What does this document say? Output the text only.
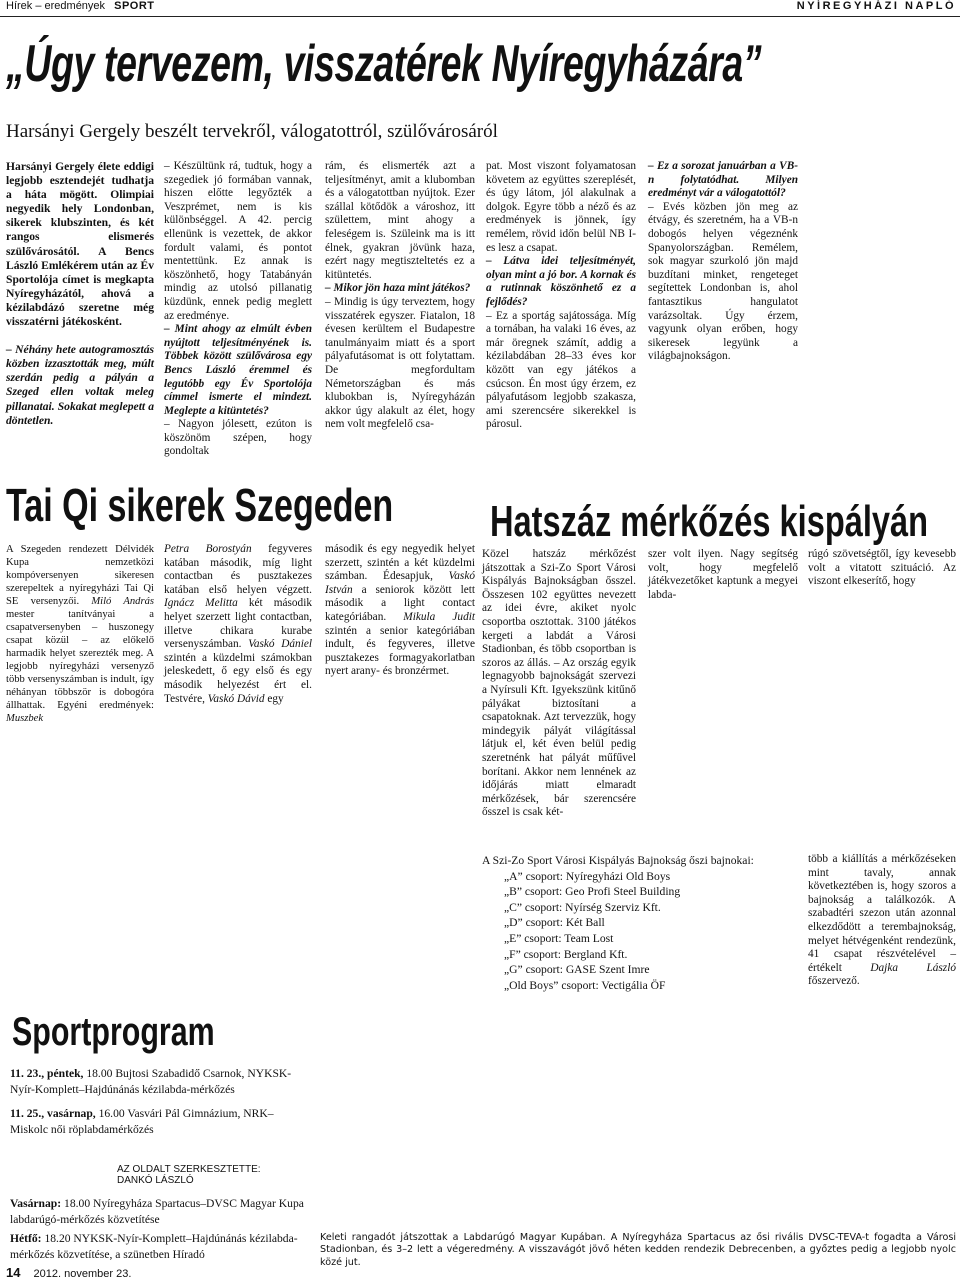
Hírek – eredmények SPORT	NYÍREGYHÁZI NAPLÓ
„Úgy tervezem, visszatérek Nyíregyházára”
Harsányi Gergely beszélt tervekről, válogatottról, szülővárosáról

Harsányi Gergely élete eddigi legjobb esztendejét tudhatja a háta mögött. Olimpiai negyedik hely Londonban, sikerek klubszinten, és két rangos elismerés szülővárosától. A Bencs László Emlékérem után az Év Sportolója címet is megkapta Nyíregyházától, ahová a kézilabdázó szeretne még visszatérni játékosként.

– Néhány hete autogramosztás közben izzasztották meg, múlt szerdán pedig a pályán a Szeged ellen voltak meleg pillanatai. Sokakat meglepett a döntetlen.

– Készültünk rá, tudtuk, hogy a szegediek jó formában vannak, hiszen előtte legyőzték a Veszprémet, nem is kis különbséggel. A 42. percig ellenünk is vezettek, de akkor fordult valami, és pontot mentettünk. Ez annak is köszönhető, hogy Tatabányán mindig az utolsó pillanatig küzdünk, ennek pedig meglett az eredménye.

– Mint ahogy az elmúlt évben nyújtott teljesítményének is. Többek között szülővárosa egy Bencs László éremmel és legutóbb egy Év Sportolója címmel ismerte el mindezt. Meglepte a kitüntetés?

– Nagyon jólesett, ezúton is köszönöm szépen, hogy gondoltak

rám, és elismerték azt a teljesítményt, amit a klubomban és a válogatottban nyújtok. Ezer szállal kötődök a városhoz, itt születtem, mint ahogy a feleségem is. Szüleink ma is itt élnek, gyakran jövünk haza, ezért nagy megtiszteltetés ez a kitüntetés.

– Mikor jön haza mint játékos?

– Mindig is úgy terveztem, hogy visszatérek egyszer. Fiatalon, 18 évesen kerültem el Budapestre tanulmányaim miatt és a sport pályafutásomat is ott folytattam. De megfordultam Németországban és más klubokban is, Nyíregyházán akkor úgy alakult az élet, hogy nem volt megfelelő csa-

pat. Most viszont folyamatosan követem az együttes szereplését, és úgy látom, jól alakulnak a dolgok. Egyre több a néző és az eredmények is jönnek, így remélem, rövid időn belül NB I-es lesz a csapat.

– Látva idei teljesítményét, olyan mint a jó bor. A kornak és a rutinnak köszönhető ez a fejlődés?

– Ez a sportág sajátossága. Míg a tornában, ha valaki 16 éves, az már öregnek számít, addig a kézilabdában 28–33 éves kor között van egy játékos a csúcson. Én most úgy érzem, ez pályafutásom legjobb szakasza, ami szerencsére sikerekkel is párosul.

– Ez a sorozat januárban a VB-n folytatódhat. Milyen eredményt vár a válogatottól?

– Evés közben jön meg az étvágy, és szeretném, ha a VB-n dobogós helyen végeznénk Spanyolországban. Remélem, sok magyar szurkoló jön majd buzdítani minket, rengeteget segítettek Londonban is, ahol fantasztikus hangulatot varázsoltak. Úgy érzem, vagyunk olyan erőben, hogy sikeresek legyünk a világbajnokságon.

Tai Qi sikerek Szegeden

A Szegeden rendezett Délvidék Kupa nemzetközi kompóversenyen sikeresen szerepeltek a nyíregyházi Tai Qi SE versenyzői. Miló András mester tanítványai a csapatversenyben – huszonegy csapat közül – az előkelő harmadik helyet szerezték meg. A legjobb nyíregyházi versenyző több versenyszámban is indult, így néhányan többször is dobogóra állhattak. Egyéni eredmények: Muszbek

Petra Borostyán fegyveres katában második, míg light contactban és pusztakezes katában első helyen végzett. Ignácz Melitta két második helyet szerzett light contactban, illetve chikara kurabe versenyszámban. Vaskó Dániel szintén a küzdelmi számokban jeleskedett, ő egy első és egy második helyezést ért el. Testvére, Vaskó Dávid egy

második és egy negyedik helyet szerzett, szintén a két küzdelmi számban. Édesapjuk, Vaskó István a seniorok között lett második a light contact kategóriában. Mikula Judit szintén a senior kategóriában indult, és fegyveres, illetve pusztakezes formagyakorlatban nyert arany- és bronzérmet.

Hatszáz mérkőzés kispályán

Közel hatszáz mérkőzést játszottak a Szi-Zo Sport Városi Kispályás Bajnokságban ősszel. Összesen 102 együttes nevezett az idei évre, akiket nyolc csoportba osztottak. 3100 játékos kergeti a labdát a Városi Stadionban, és több csoportban is szoros az állás. – Az ország egyik legnagyobb bajnokságát szervezi a Nyírsuli Kft. Igyekszünk kitűnő pályákat biztosítani a csapatoknak. Azt tervezzük, hogy mindegyik pályát világítással látjuk el, két éven belül pedig szeretnénk hat pályát műfűvel borítani. Akkor nem lennének az időjárás miatt elmaradt mérkőzések, bár szerencsére ősszel is csak két-

szer volt ilyen. Nagy segítség volt, hogy megfelelő játékvezetőket kaptunk a megyei labda-

rúgó szövetségtől, így kevesebb volt a vitatott szituáció. Az viszont elkeserítő, hogy

A Szi-Zo Sport Városi Kispályás Bajnokság őszi bajnokai:
„A” csoport: Nyíregyházi Old Boys
„B” csoport: Geo Profi Steel Building
„C” csoport: Nyírség Szerviz Kft.
„D” csoport: Két Ball
„E” csoport: Team Lost
„F” csoport: Bergland Kft.
„G” csoport: GASE Szent Imre
„Old Boys” csoport: Vectigália ÖF

több a kiállítás a mérkőzéseken mint tavaly, annak következtében is, hogy szoros a bajnokság a találkozók. A szabadtéri szezon után azonnal elkezdődött a terembajnokság, melyet hétvégenként rendezünk, 41 csapat részvételével – értékelt	Dajka László főszervező.

Sportprogram
11. 23., péntek, 18.00 Bujtosi Szabadidő Csarnok, NYKSK-Nyír-Komplett–Hajdúnánás kézilabda-mérkőzés
11. 25., vasárnap, 16.00 Vasvári Pál Gimnázium, NRK–Miskolc női röplabdamérkőzés
AZ OLDALT SZERKESZTETTE:
DANKÓ LÁSZLÓ
Vasárnap: 18.00 Nyíregyháza Spartacus–DVSC Magyar Kupa labdarúgó-mérkőzés közvetítése
Hétfő: 18.20 NYKSK-Nyír-Komplett–Hajdúnánás kézilabda-mérkőzés közvetítése, a szünetben Híradó
Keleti rangadót játszottak a Labdarúgó Magyar Kupában. A Nyíregyháza Spartacus az ősi rivális DVSC-TEVA-t fogadta a Városi Stadionban, és 3–2 lett a végeredmény. A visszavágót jövő héten kedden rendezik Debrecenben, a győztes pedig a legjobb nyolc közé jut.
14 2012. november 23.
